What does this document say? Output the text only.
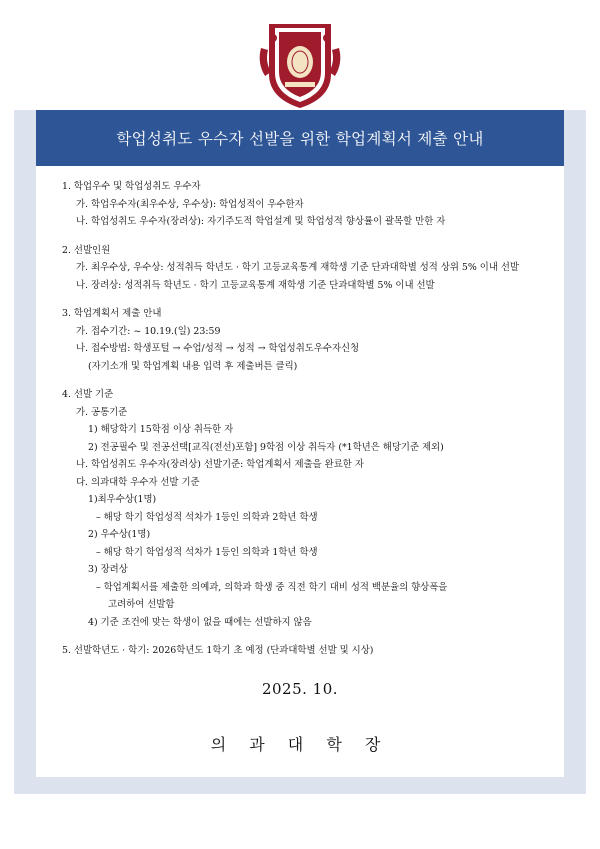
학업성취도 우수자 선발을 위한 학업계획서 제출 안내
1. 학업우수 및 학업성취도 우수자
가. 학업우수자(최우수상, 우수상): 학업성적이 우수한자
나. 학업성취도 우수자(장려상): 자기주도적 학업설계 및 학업성적 향상률이 괄목할 만한 자
2. 선발인원
가. 최우수상, 우수상: 성적취득 학년도 · 학기 고등교육통계 재학생 기준 단과대학별 성적 상위 5% 이내 선발
나. 장려상: 성적취득 학년도 · 학기 고등교육통계 재학생 기준 단과대학별 5% 이내 선발
3. 학업계획서 제출 안내
가. 접수기간: ~ 10.19.(일) 23:59
나. 접수방법: 학생포털 → 수업/성적 → 성적 → 학업성취도우수자신청
(자기소개 및 학업계획 내용 입력 후 제출버튼 클릭)
4. 선발 기준
가. 공통기준
1) 해당학기 15학점 이상 취득한 자
2) 전공필수 및 전공선택[교직(전선)포함] 9학점 이상 취득자 (*1학년은 해당기준 제외)
나. 학업성취도 우수자(장려상) 선발기준: 학업계획서 제출을 완료한 자
다. 의과대학 우수자 선발 기준
1)최우수상(1명)
– 해당 학기 학업성적 석차가 1등인 의학과 2학년 학생
2) 우수상(1명)
– 해당 학기 학업성적 석차가 1등인 의학과 1학년 학생
3) 장려상
– 학업계획서를 제출한 의예과, 의학과 학생 중 직전 학기 대비 성적 백분율의 향상폭을
고려하여 선발함
4) 기준 조건에 맞는 학생이 없을 때에는 선발하지 않음
5. 선발학년도 · 학기: 2026학년도 1학기 초 예정 (단과대학별 선발 및 시상)
2025. 10.
의 과 대 학 장
